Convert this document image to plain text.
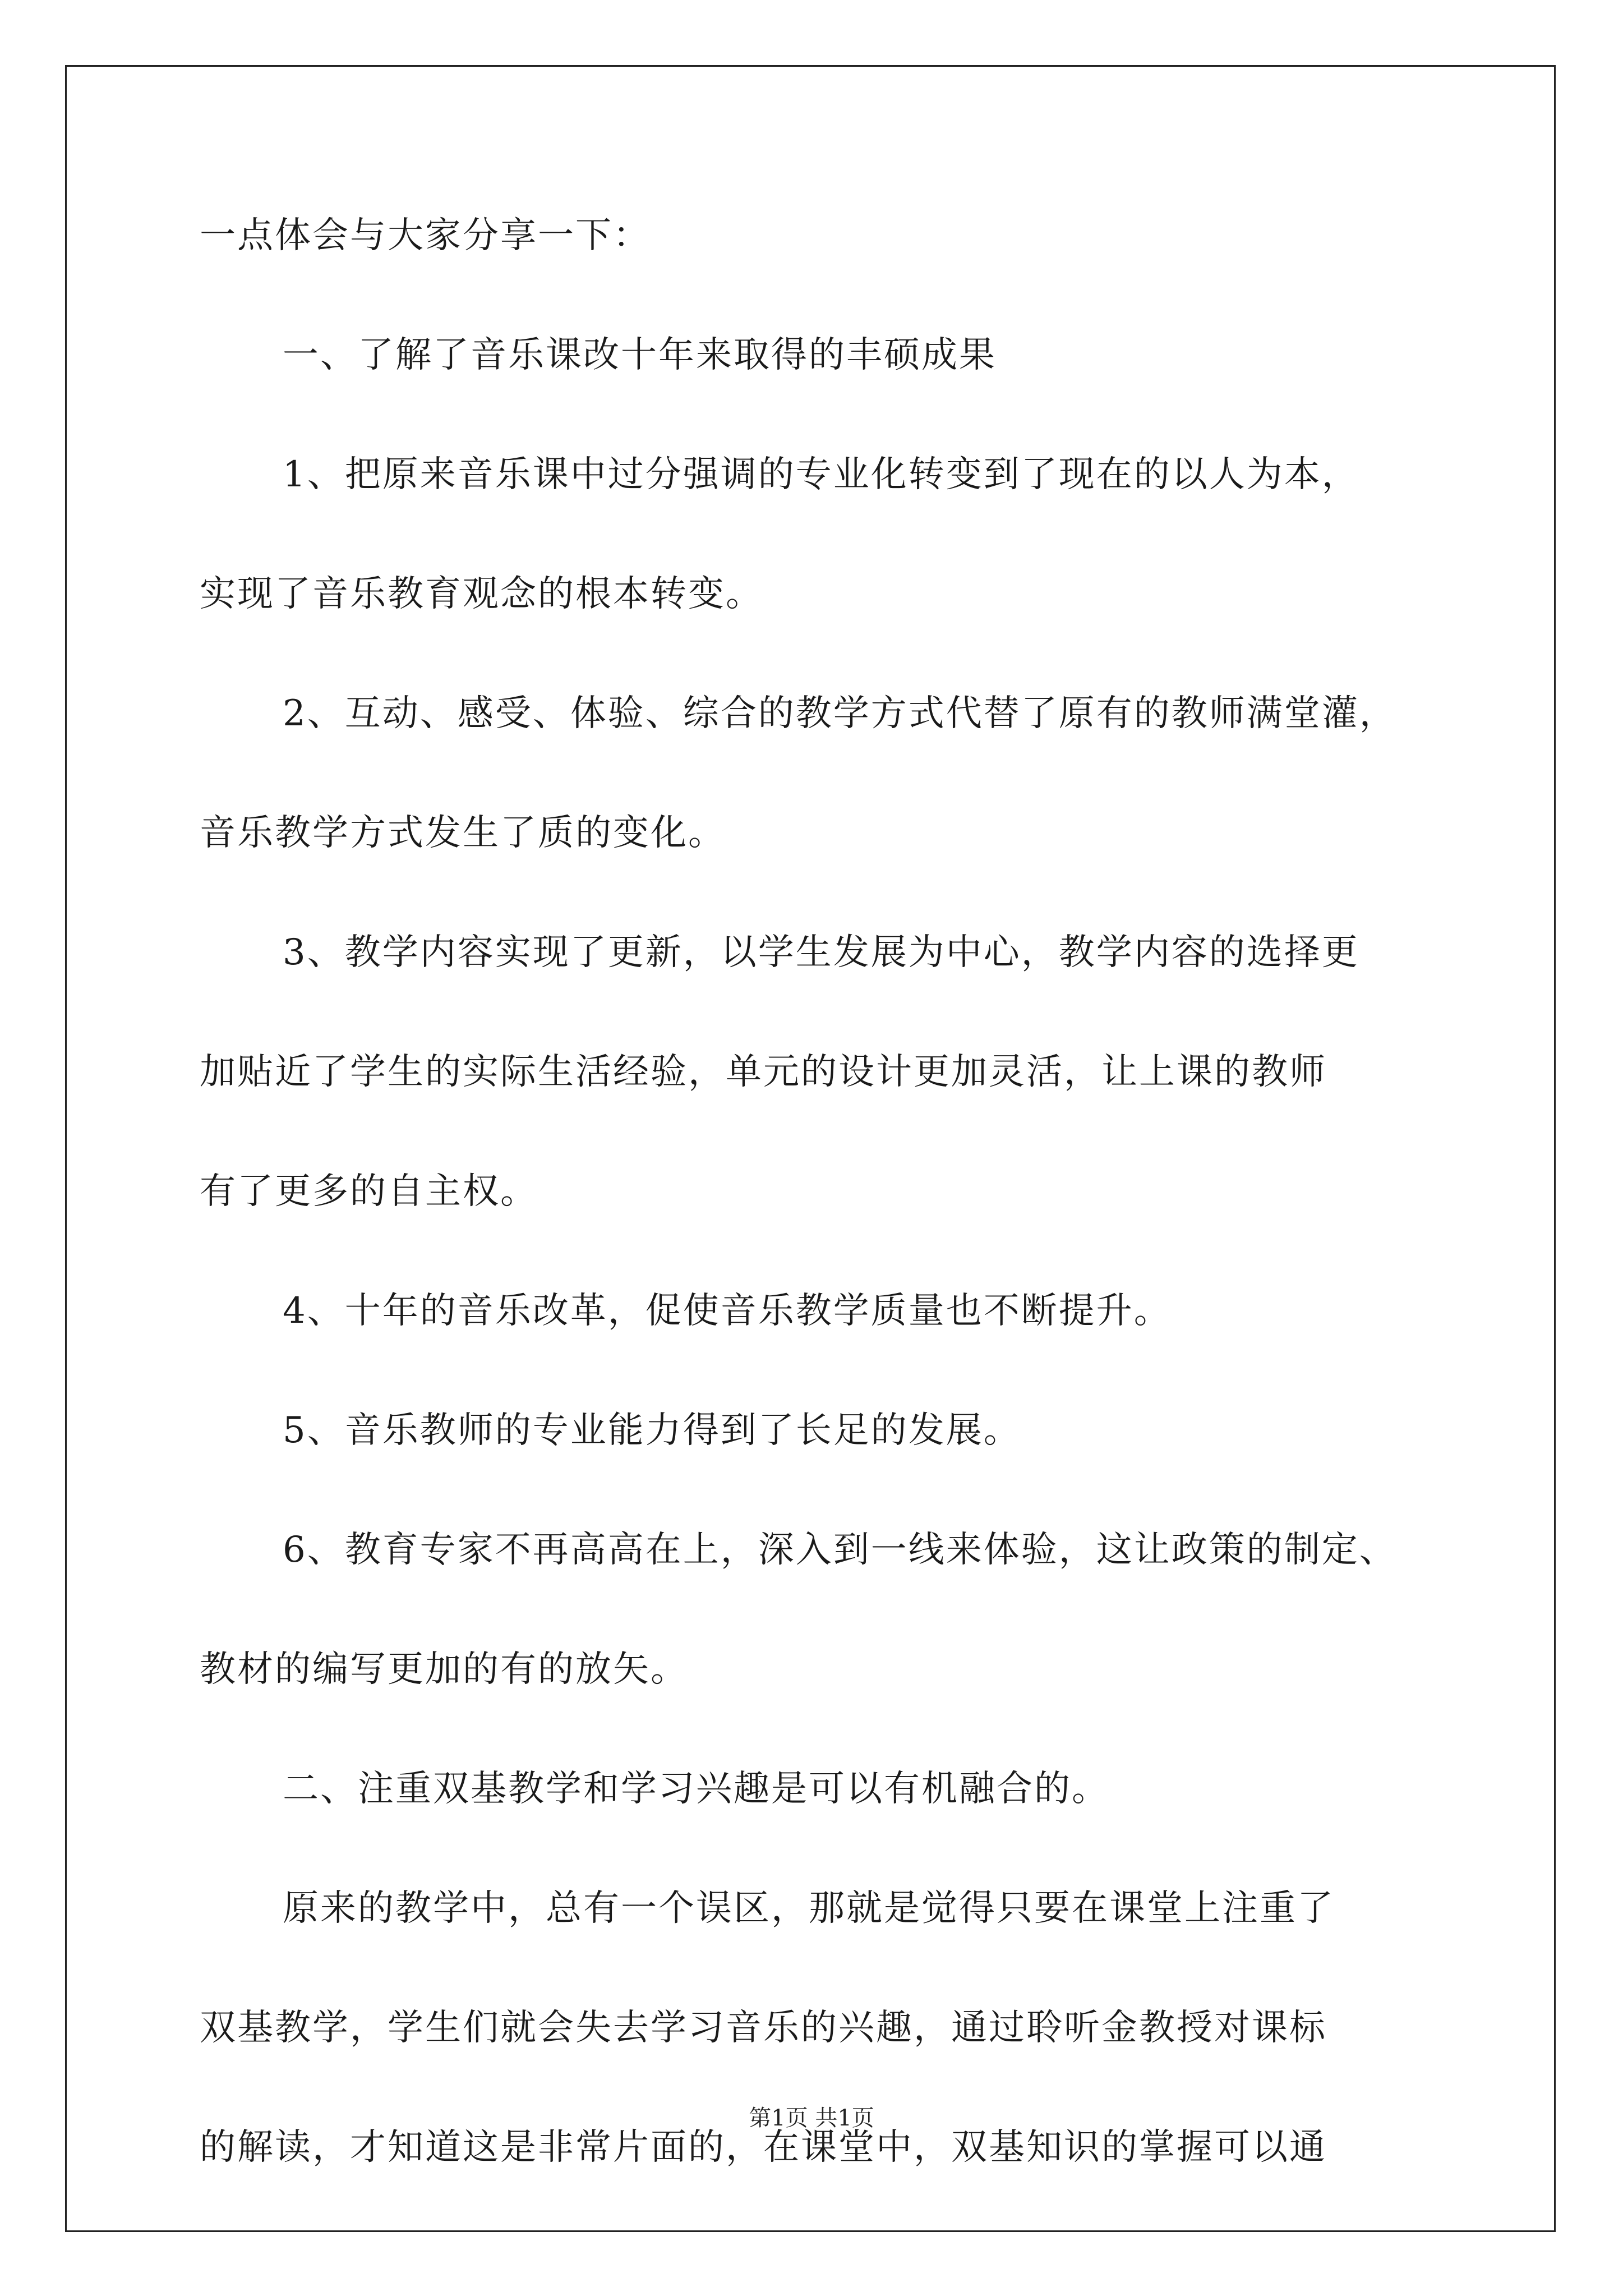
一点体会与大家分享一下：
一、了解了音乐课改十年来取得的丰硕成果
1、把原来音乐课中过分强调的专业化转变到了现在的以人为本，
实现了音乐教育观念的根本转变。
2、互动、感受、体验、综合的教学方式代替了原有的教师满堂灌，
音乐教学方式发生了质的变化。
3、教学内容实现了更新，以学生发展为中心，教学内容的选择更
加贴近了学生的实际生活经验，单元的设计更加灵活，让上课的教师
有了更多的自主权。
4、十年的音乐改革，促使音乐教学质量也不断提升。
5、音乐教师的专业能力得到了长足的发展。
6、教育专家不再高高在上，深入到一线来体验，这让政策的制定、
教材的编写更加的有的放矢。
二、注重双基教学和学习兴趣是可以有机融合的。
原来的教学中，总有一个误区，那就是觉得只要在课堂上注重了
双基教学，学生们就会失去学习音乐的兴趣，通过聆听金教授对课标
的解读，才知道这是非常片面的，在课堂中，双基知识的掌握可以通
第1页 共1页
